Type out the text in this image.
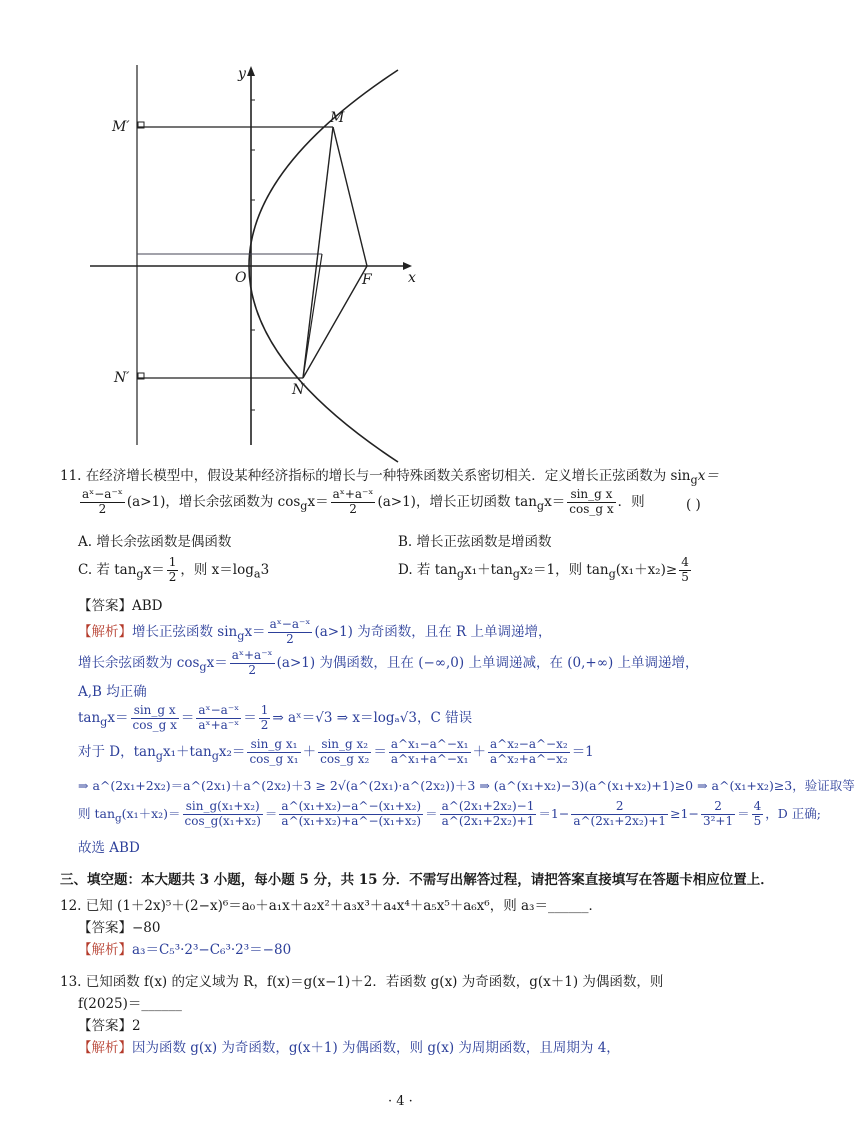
M′
M
y
O	F	x
N′
N
11. 在经济增长模型中，假设某种经济指标的增长与一种特殊函数关系密切相关．定义增长正弦函数为 $\sin_gx=$
$\frac{\text{aˣ−a⁻ˣ}}{2} (a>1)$，增长余弦函数为 $\cos_gx= \frac{\text{aˣ+a⁻ˣ}}{2} (a>1)$，增长正切函数 $\tan_gx= \frac{\text{sin\_g x}}{\text{cos\_g x}}$ ．则	( )
A. 增长余弦函数是偶函数	B. 增长正弦函数是增函数
C. 若 $\tan_gx= \frac{1}{2}$ ，则 $x=\log_a3$	D. 若 $\tan_gx_1+\tan_gx_2=1$，则 $\tan_g(x_1+x_2)\ge \frac{4}{5}$
【答案】ABD
【解析】增长正弦函数 $\sin_gx= \frac{\text{aˣ−a⁻ˣ}}{2} (a>1)$ 为奇函数，且在 R 上单调递增，
增长余弦函数为 $\cos_gx= \frac{\text{aˣ+a⁻ˣ}}{2} (a>1)$ 为偶函数，且在 (−∞,0) 上单调递减，在 (0,+∞) 上单调递增，
A,B 均正确
$\tan_gx= \frac{\text{sin\_g x}}{\text{cos\_g x}} = \frac{\text{aˣ−a⁻ˣ}}{\text{aˣ+a⁻ˣ}} = \frac{1}{2}$ ⇒ aˣ＝√3 ⇒ x＝logₐ√3，C 错误
对于 D，$\tan_gx_1+\tan_gx_2= \frac{\text{sin\_g x₁}}{\text{cos\_g x₁}} + \frac{\text{sin\_g x₂}}{\text{cos\_g x₂}} = \frac{\text{a\textasciicircum{}x₁−a\textasciicircum{}−x₁}}{\text{a\textasciicircum{}x₁+a\textasciicircum{}−x₁}} + \frac{\text{a\textasciicircum{}x₂−a\textasciicircum{}−x₂}}{\text{a\textasciicircum{}x₂+a\textasciicircum{}−x₂}} =1$
⇒ a^(2x₁+2x₂)＝a^(2x₁)＋a^(2x₂)＋3 ≥ 2√(a^(2x₁)·a^(2x₂))＋3 ⇒ (a^(x₁+x₂)−3)(a^(x₁+x₂)+1)≥0 ⇒ a^(x₁+x₂)≥3，验证取等
则 $\tan_g(x_1+x_2)= \frac{\text{sin\_g(x₁+x₂)}}{\text{cos\_g(x₁+x₂)}} = \frac{\text{a\textasciicircum{}(x₁+x₂)−a\textasciicircum{}−(x₁+x₂)}}{\text{a\textasciicircum{}(x₁+x₂)+a\textasciicircum{}−(x₁+x₂)}} = \frac{\text{a\textasciicircum{}(2x₁+2x₂)−1}}{\text{a\textasciicircum{}(2x₁+2x₂)+1}} =1- \frac{2}{\text{a\textasciicircum{}(2x₁+2x₂)+1}} \ge 1- \frac{2}{\text{3²+1}} = \frac{4}{5}$ ，D 正确;
故选 ABD
三、填空题：本大题共 3 小题，每小题 5 分，共 15 分．不需写出解答过程，请把答案直接填写在答题卡相应位置上．
12. 已知 (1＋2x)⁵＋(2−x)⁶＝a₀＋a₁x＋a₂x²＋a₃x³＋a₄x⁴＋a₅x⁵＋a₆x⁶，则 a₃＝______．
【答案】−80
【解析】a₃＝C₅³·2³−C₆³·2³＝−80
13. 已知函数 f(x) 的定义域为 R，f(x)＝g(x−1)＋2．若函数 g(x) 为奇函数，g(x＋1) 为偶函数，则
f(2025)＝______
【答案】2
【解析】因为函数 g(x) 为奇函数，g(x＋1) 为偶函数，则 g(x) 为周期函数，且周期为 4，
· 4 ·
